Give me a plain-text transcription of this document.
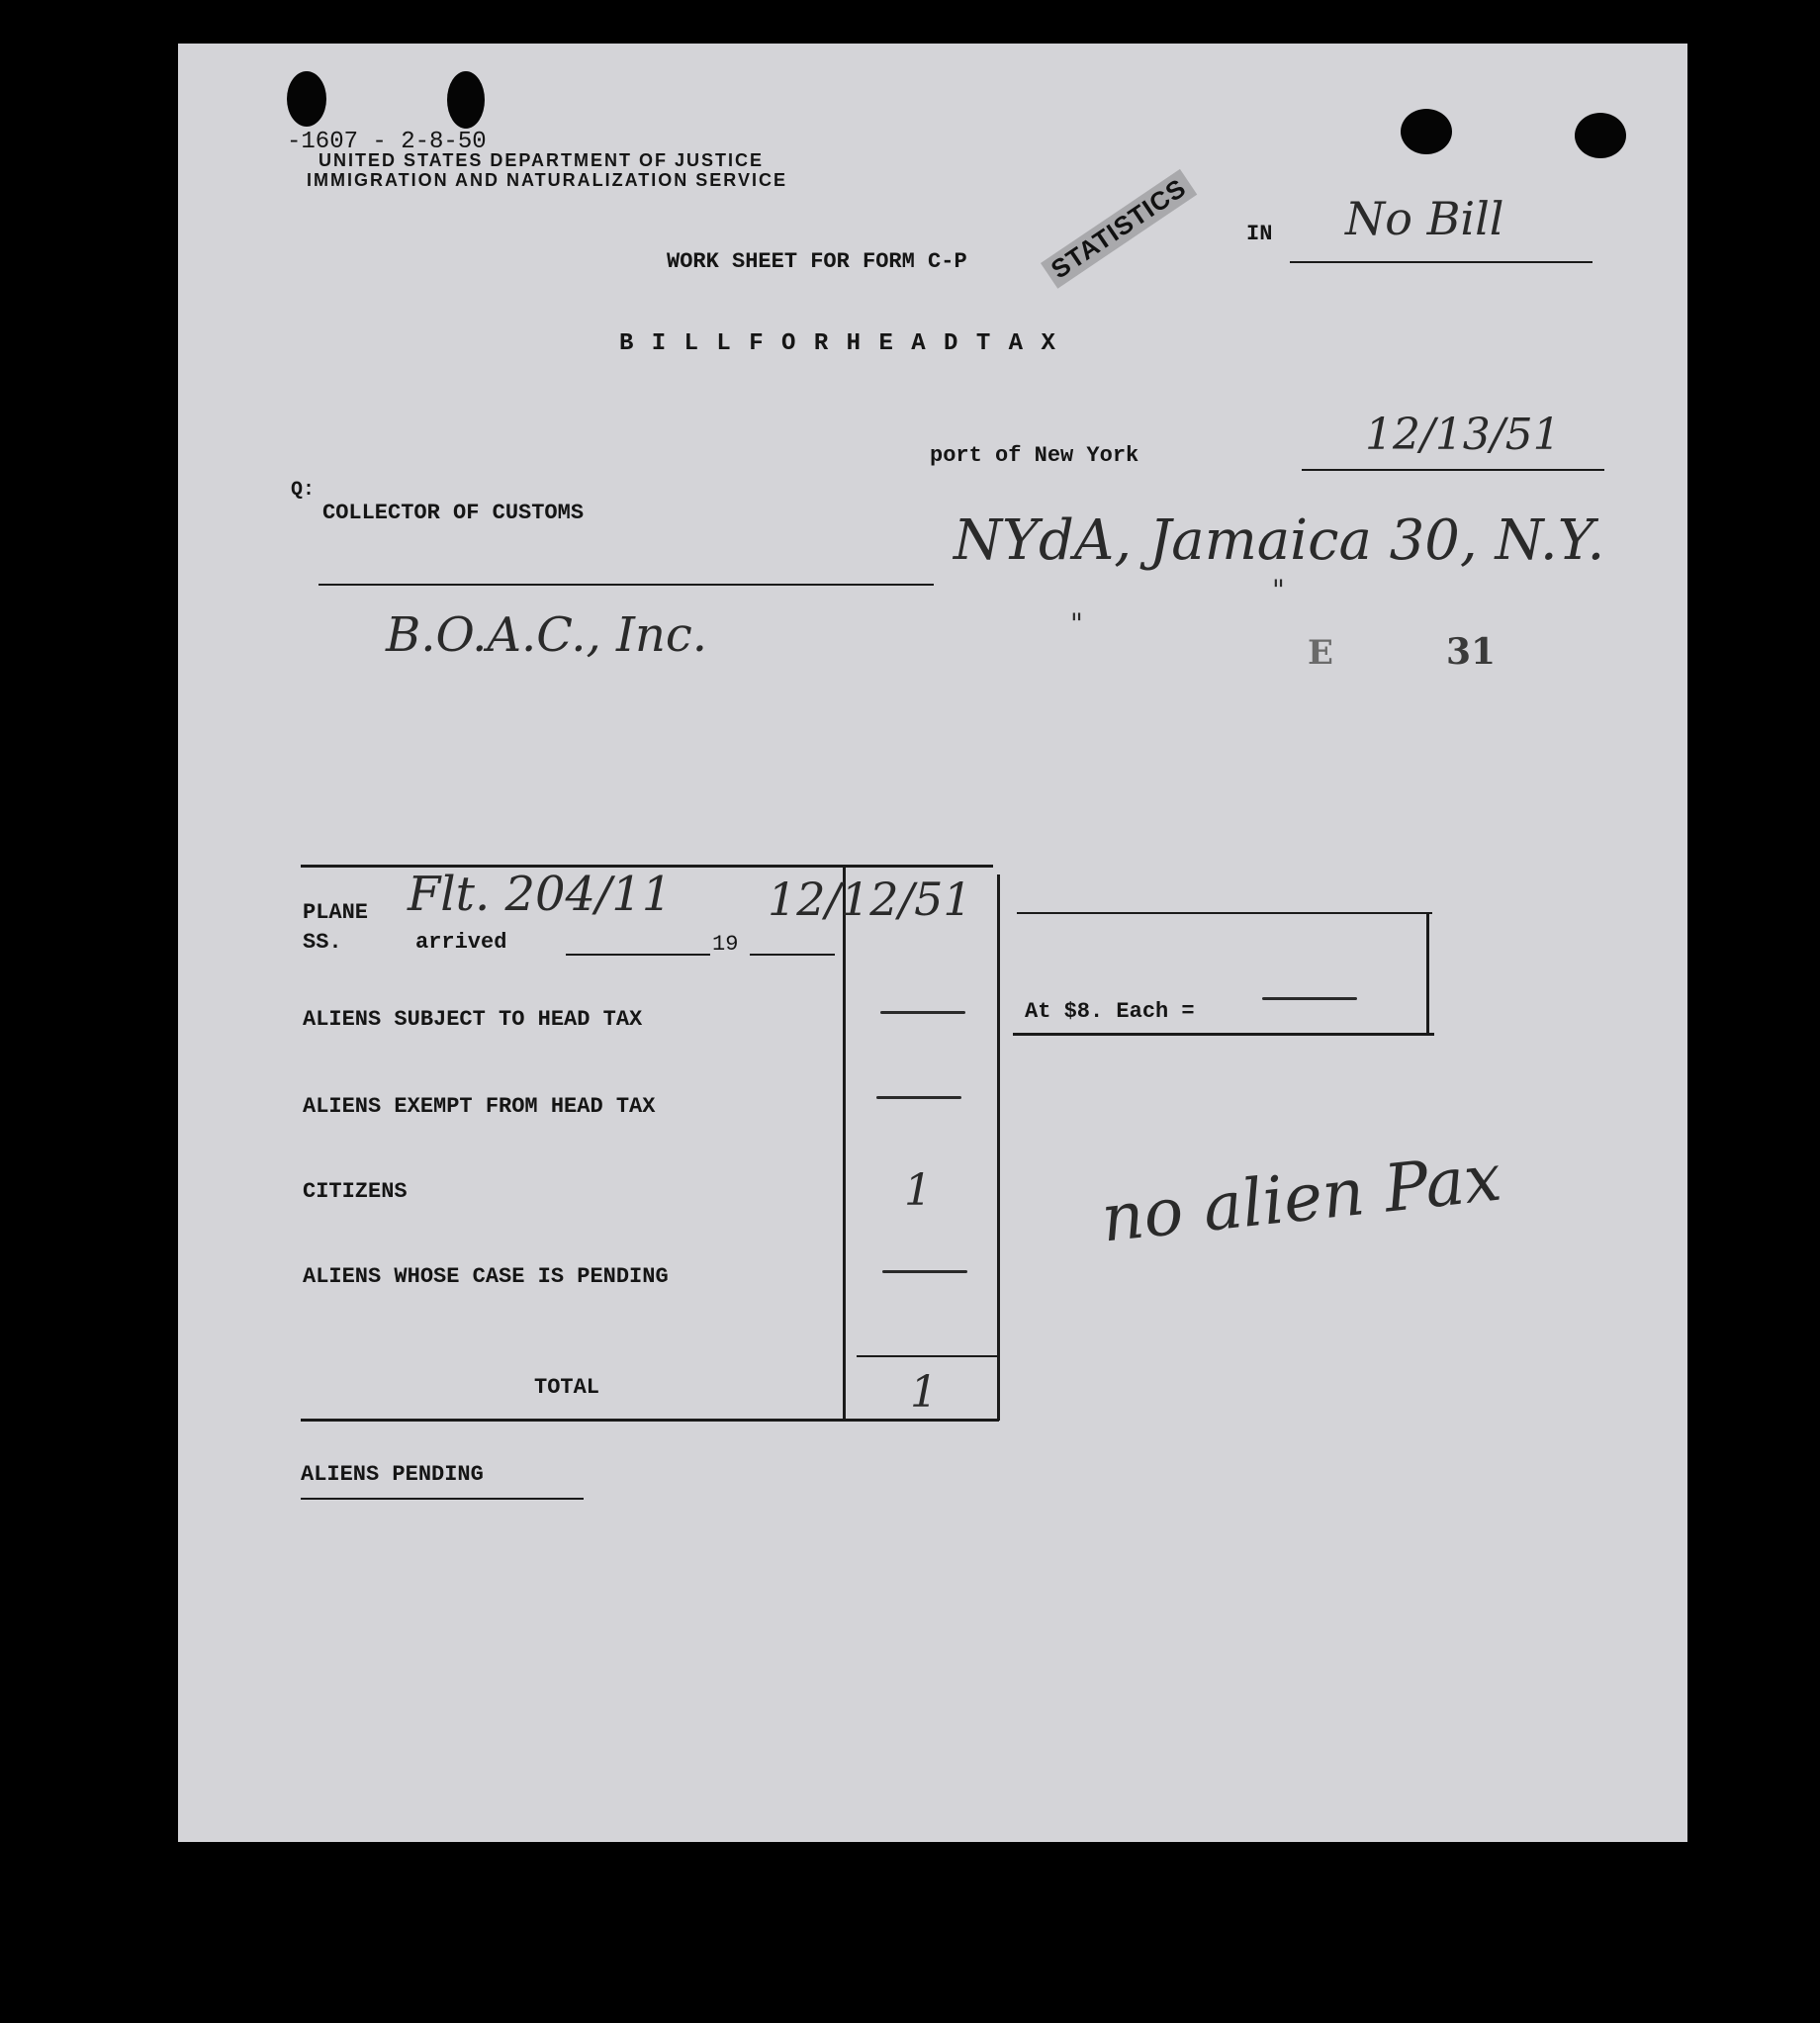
-1607 - 2-8-50
UNITED STATES DEPARTMENT OF JUSTICE
IMMIGRATION AND NATURALIZATION SERVICE	STATISTICS
WORK SHEET FOR FORM C-P
B I L L F O R H E A D T A X
IN No Bill
port of New York	12/13/51
Q:
COLLECTOR OF CUSTOMS	NYdA, Jamaica 30, N.Y.
"
"
B.O.A.C., Inc.	E	31
PLANE
SS.
Flt. 204/11
arrived	19
12/12/51
ALIENS SUBJECT TO HEAD TAX
ALIENS EXEMPT FROM HEAD TAX
CITIZENS	1
ALIENS WHOSE CASE IS PENDING
TOTAL	1
At $8. Each =
ALIENS PENDING
no alien Pax
